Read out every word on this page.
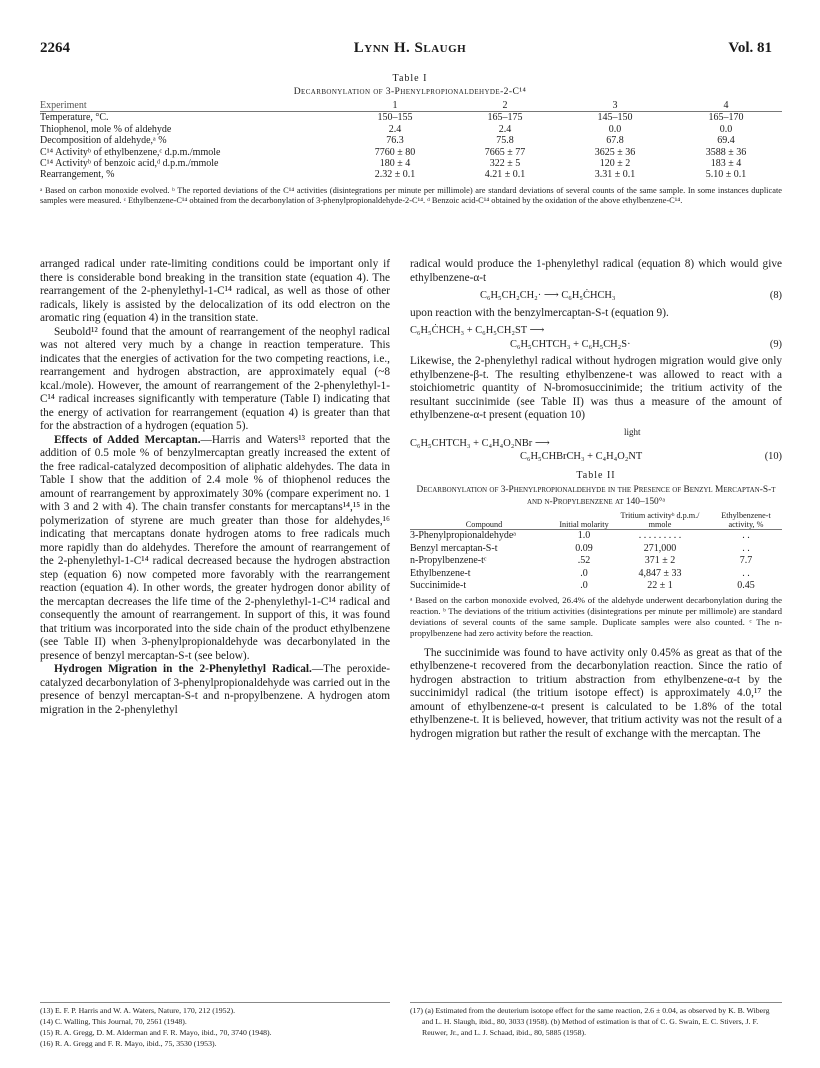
2264	Lynn H. Slaugh	Vol. 81
Table I
Decarbonylation of 3-Phenylpropionaldehyde-2-C¹⁴
Experiment	1	2	3	4
Temperature, °C.	150–155	165–175	145–150	165–170
Thiophenol, mole % of aldehyde	2.4	2.4	0.0	0.0
Decomposition of aldehyde,ᵃ %	76.3	75.8	67.8	69.4
C¹⁴ Activityᵇ of ethylbenzene,ᶜ d.p.m./mmole	7760 ± 80	7665 ± 77	3625 ± 36	3588 ± 36
C¹⁴ Activityᵇ of benzoic acid,ᵈ d.p.m./mmole	180 ± 4	322 ± 5	120 ± 2	183 ± 4
Rearrangement, %	2.32 ± 0.1	4.21 ± 0.1	3.31 ± 0.1	5.10 ± 0.1
ᵃ Based on carbon monoxide evolved. ᵇ The reported deviations of the C¹⁴ activities (disintegrations per minute per millimole) are standard deviations of several counts of the same sample. In some instances duplicate samples were measured. ᶜ Ethylbenzene-C¹⁴ obtained from the decarbonylation of 3-phenylpropionaldehyde-2-C¹⁴. ᵈ Benzoic acid-C¹⁴ obtained by the oxidation of the above ethylbenzene-C¹⁴.

arranged radical under rate-limiting conditions could be important only if there is considerable bond breaking in the transition state (equation 4). The rearrangement of the 2-phenylethyl-1-C¹⁴ radical, as well as those of other radicals, likely is assisted by the delocalization of its odd electron on the aromatic ring (equation 4) in the transition state.

Seubold¹² found that the amount of rearrangement of the neophyl radical was not altered very much by a change in reaction temperature. This indicates that the energies of activation for the two competing reactions, i.e., rearrangement and hydrogen abstraction, are approximately equal (~8 kcal./mole). However, the amount of rearrangement of the 2-phenylethyl-1-C¹⁴ radical increases significantly with temperature (Table I) indicating that the energy of activation for rearrangement (equation 4) is greater than that for the abstraction of a hydrogen (equation 5).

Effects of Added Mercaptan.—Harris and Waters¹³ reported that the addition of 0.5 mole % of benzylmercaptan greatly increased the extent of the free radical-catalyzed decomposition of aliphatic aldehydes. The data in Table I show that the addition of 2.4 mole % of thiophenol reduces the amount of rearrangement by approximately 30% (compare experiment no. 1 with 3 and 2 with 4). The chain transfer constants for mercaptans¹⁴,¹⁵ in the polymerization of styrene are much greater than those for aldehydes,¹⁶ indicating that mercaptans donate hydrogen atoms to free radicals much more rapidly than do aldehydes. Therefore the amount of rearrangement of the 2-phenylethyl-1-C¹⁴ radical decreased because the hydrogen abstraction step (equation 6) now competed more favorably with the rearrangement reaction (equation 4). In other words, the greater hydrogen donor ability of the mercaptan decreases the life time of the 2-phenylethyl-1-C¹⁴ radical and consequently the amount of rearrangement. In support of this, it was found that tritium was incorporated into the side chain of the product ethylbenzene (see Table II) when 3-phenylpropionaldehyde was decarbonylated in the presence of benzyl mercaptan-S-t (see below).

Hydrogen Migration in the 2-Phenylethyl Radical.—The peroxide-catalyzed decarbonylation of 3-phenylpropionaldehyde was carried out in the presence of benzyl mercaptan-S-t and n-propylbenzene. A hydrogen atom migration in the 2-phenylethyl

radical would produce the 1-phenylethyl radical (equation 8) which would give ethylbenzene-α-t

C₆H₅CH₂CH₂· ⟶ C₆H₅ĊHCH₃	(8)

upon reaction with the benzylmercaptan-S-t (equation 9).

C₆H₅ĊHCH₃ + C₆H₅CH₂ST ⟶
C₆H₅CHTCH₃ + C₆H₅CH₂S·	(9)

Likewise, the 2-phenylethyl radical without hydrogen migration would give only ethylbenzene-β-t. The resulting ethylbenzene-t was allowed to react with a stoichiometric quantity of N-bromosuccinimide; the tritium activity of the resultant succinimide (see Table II) was thus a measure of the amount of ethylbenzene-α-t present (equation 10)

light
C₆H₅CHTCH₃ + C₄H₄O₂NBr ⟶
C₆H₅CHBrCH₃ + C₄H₄O₂NT	(10)
Table II
Decarbonylation of 3-Phenylpropionaldehyde in the Presence of Benzyl Mercaptan-S-t and n-Propylbenzene at 140–150°ᵃ
Compound	Initial molarity	Tritium activityᵇ d.p.m./ mmole	Ethylbenzene-t activity, %
3-Phenylpropionaldehydeᵃ	1.0	. . . . . . . . .	. .
Benzyl mercaptan-S-t	0.09	271,000	. .
n-Propylbenzene-tᶜ	.52	371 ± 2	7.7
Ethylbenzene-t	.0	4,847 ± 33	. .
Succinimide-t	.0	22 ± 1	0.45
ᵃ Based on the carbon monoxide evolved, 26.4% of the aldehyde underwent decarbonylation during the reaction. ᵇ The deviations of the tritium activities (disintegrations per minute per millimole) are standard deviations of several counts of the same sample. Duplicate samples were also counted. ᶜ The n-propylbenzene had zero activity before the reaction.

The succinimide was found to have activity only 0.45% as great as that of the ethylbenzene-t recovered from the decarbonylation reaction. Since the ratio of hydrogen abstraction to tritium abstraction from ethylbenzene-α-t by the succinimidyl radical (the tritium isotope effect) is approximately 4.0,¹⁷ the amount of ethylbenzene-α-t present is calculated to be 1.8% of the total ethylbenzene-t. It is believed, however, that tritium activity was not the result of a hydrogen migration but rather the result of exchange with the mercaptan. The

(13) E. F. P. Harris and W. A. Waters, Nature, 170, 212 (1952).
(14) C. Walling, This Journal, 70, 2561 (1948).
(15) R. A. Gregg, D. M. Alderman and F. R. Mayo, ibid., 70, 3740 (1948).
(16) R. A. Gregg and F. R. Mayo, ibid., 75, 3530 (1953).
(17) (a) Estimated from the deuterium isotope effect for the same reaction, 2.6 ± 0.04, as observed by K. B. Wiberg and L. H. Slaugh, ibid., 80, 3033 (1958). (b) Method of estimation is that of C. G. Swain, E. C. Stivers, J. F. Reuwer, Jr., and L. J. Schaad, ibid., 80, 5885 (1958).
